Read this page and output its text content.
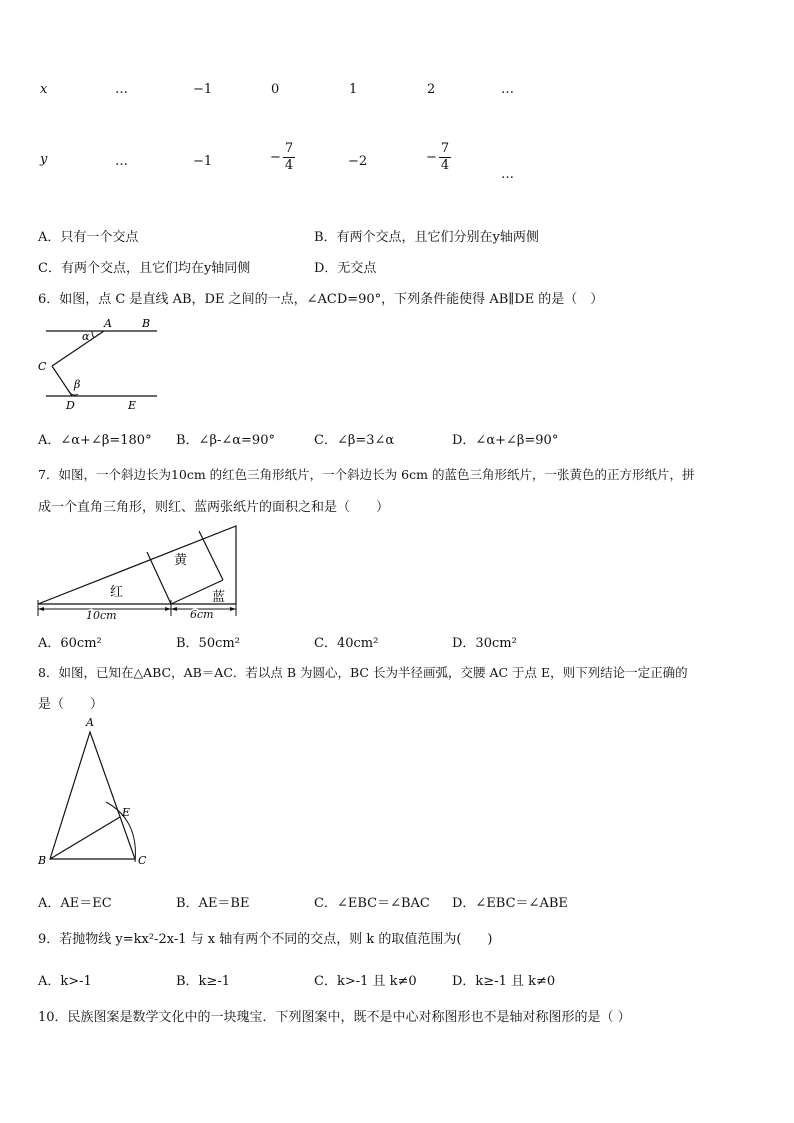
x	…	−1	0	1	2	…
y	…	−1	− $\frac{7}{4}$	−2	− $\frac{7}{4}$
…
A．只有一个交点	B．有两个交点，且它们分别在y轴两侧
C．有两个交点，且它们均在y轴同侧	D．无交点
6．如图，点 C 是直线 AB，DE 之间的一点，∠ACD=90°，下列条件能使得 AB∥DE 的是（　）
A	B
α
C
β
D	E
A．∠α+∠β=180° B．∠β-∠α=90°	C．∠β=3∠α	D．∠α+∠β=90°
7．如图，一个斜边长为10cm 的红色三角形纸片，一个斜边长为 6cm 的蓝色三角形纸片，一张黄色的正方形纸片，拼
成一个直角三角形，则红、蓝两张纸片的面积之和是（　　）
黄
红	蓝
10cm	6cm
A．60cm²	B．50cm²	C．40cm²	D．30cm²
8．如图，已知在△ABC，AB＝AC．若以点 B 为圆心，BC 长为半径画弧，交腰 AC 于点 E，则下列结论一定正确的
是（　　）
A
E
B	C
A．AE＝EC	B．AE＝BE	C．∠EBC＝∠BAC D．∠EBC＝∠ABE
9．若抛物线 y=kx²-2x-1 与 x 轴有两个不同的交点，则 k 的取值范围为(　　)
A．k>-1	B．k≥-1	C．k>-1 且 k≠0	D．k≥-1 且 k≠0
10．民族图案是数学文化中的一块瑰宝．下列图案中，既不是中心对称图形也不是轴对称图形的是（ ）
